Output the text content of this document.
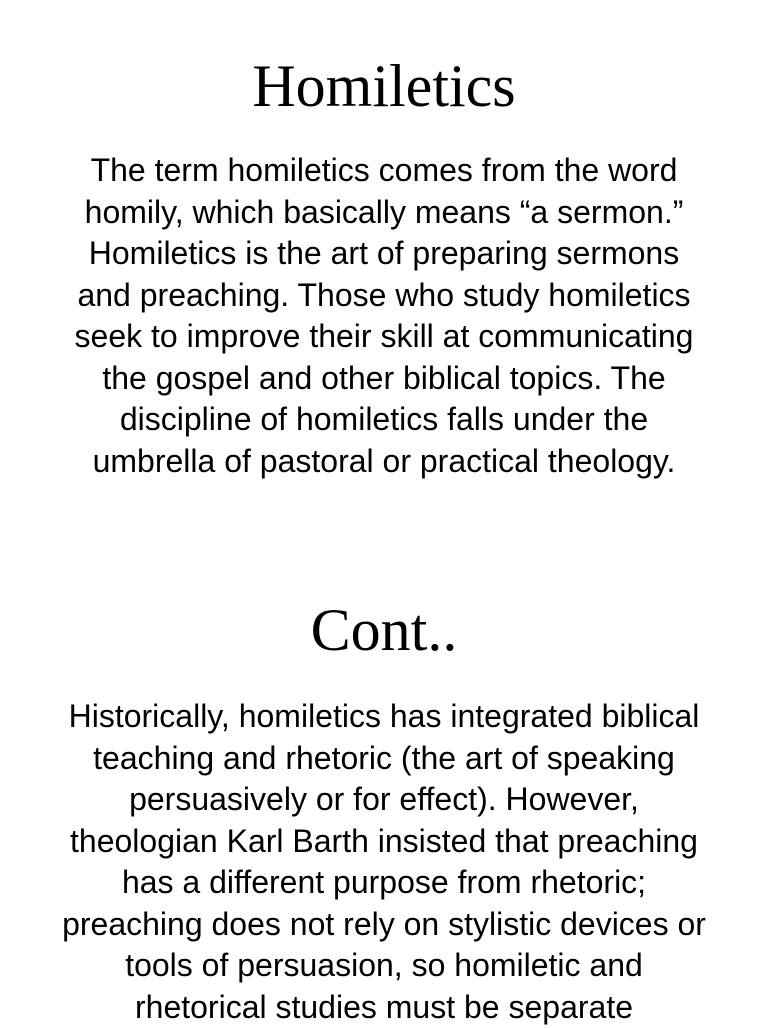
Homiletics

The term homiletics comes from the word
homily, which basically means “a sermon.”
Homiletics is the art of preparing sermons
and preaching. Those who study homiletics
seek to improve their skill at communicating
the gospel and other biblical topics. The
discipline of homiletics falls under the
umbrella of pastoral or practical theology.

Cont..

Historically, homiletics has integrated biblical
teaching and rhetoric (the art of speaking
persuasively or for effect). However,
theologian Karl Barth insisted that preaching
has a different purpose from rhetoric;
preaching does not rely on stylistic devices or
tools of persuasion, so homiletic and
rhetorical studies must be separate
